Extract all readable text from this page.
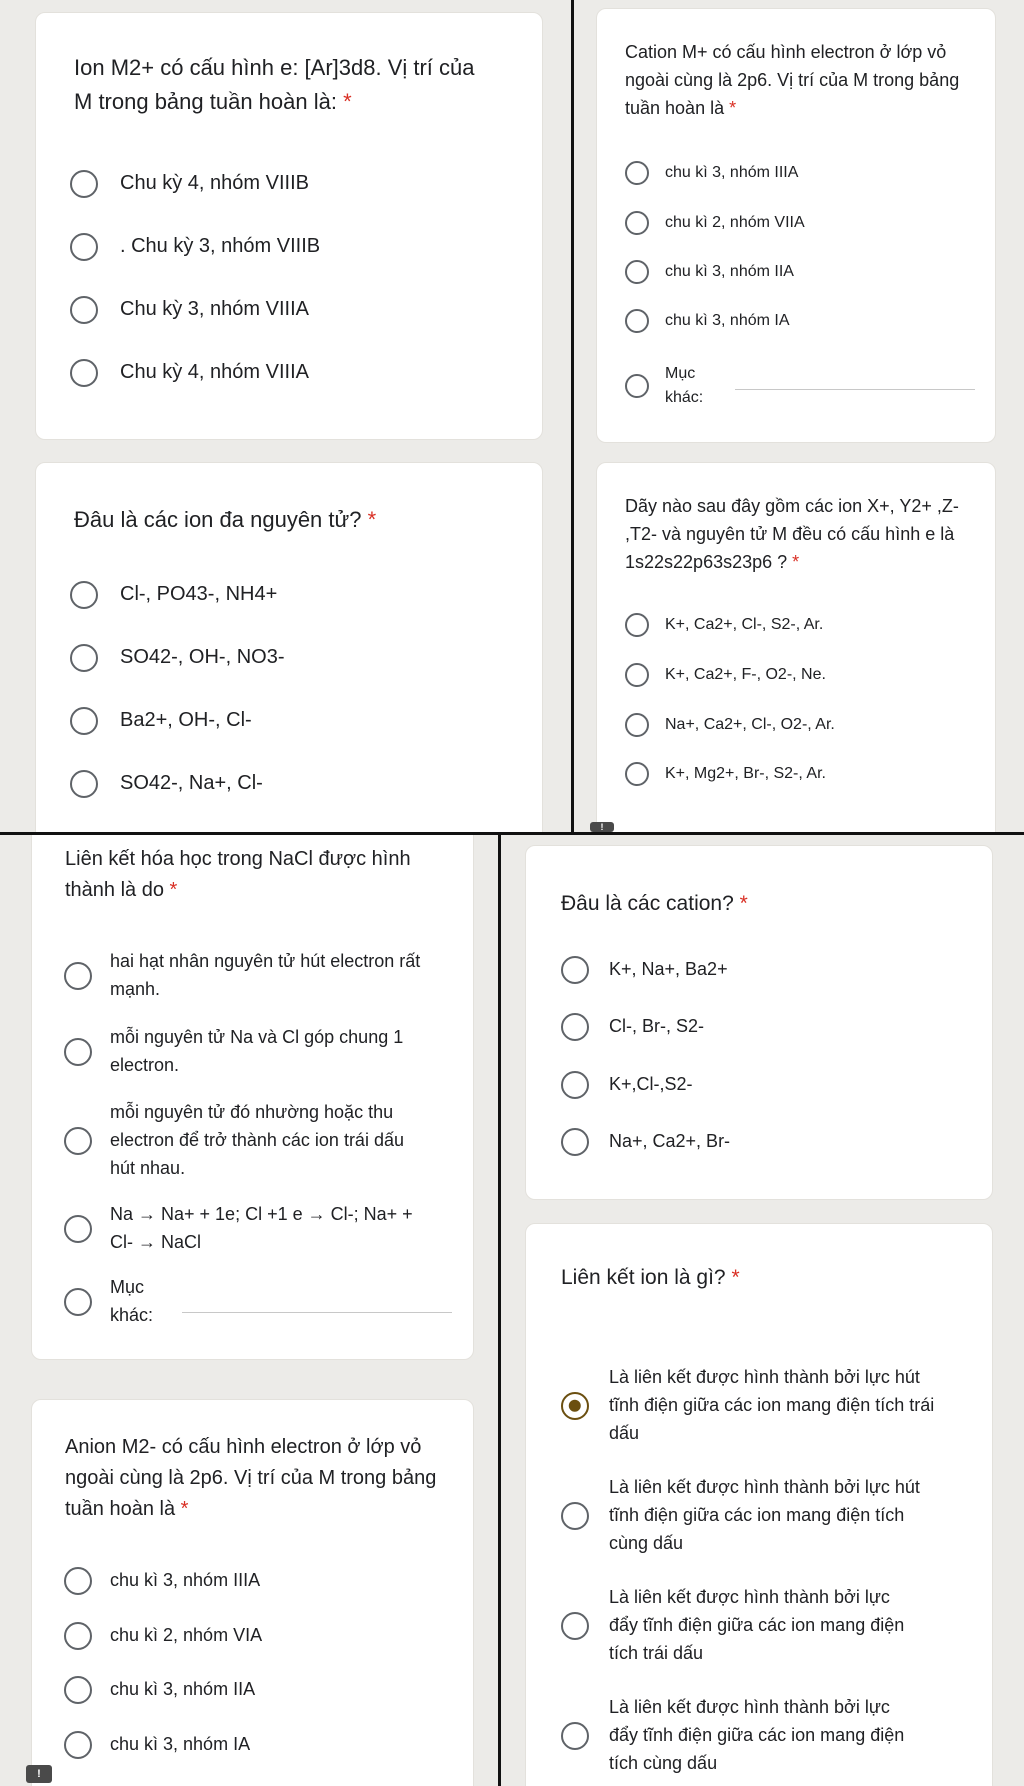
Ion M2+ có cấu hình e: [Ar]3d8. Vị trí của M trong bảng tuần hoàn là: *

Chu kỳ 4, nhóm VIIIB
. Chu kỳ 3, nhóm VIIIB
Chu kỳ 3, nhóm VIIIA
Chu kỳ 4, nhóm VIIIA

Đâu là các ion đa nguyên tử? *

Cl-, PO43-, NH4+
SO42-, OH-, NO3-
Ba2+, OH-, Cl-
SO42-, Na+, Cl-

Cation M+ có cấu hình electron ở lớp vỏ ngoài cùng là 2p6. Vị trí của M trong bảng tuần hoàn là *

chu kì 3, nhóm IIIA
chu kì 2, nhóm VIIA
chu kì 3, nhóm IIA
chu kì 3, nhóm IA
Mục
khác:

Dãy nào sau đây gồm các ion X+, Y2+ ,Z- ,T2- và nguyên tử M đều có cấu hình e là 1s22s22p63s23p6 ? *

K+, Ca2+, Cl-, S2-, Ar.
K+, Ca2+, F-, O2-, Ne.
Na+, Ca2+, Cl-, O2-, Ar.
K+, Mg2+, Br-, S2-, Ar.
!

Liên kết hóa học trong NaCl được hình thành là do *

hai hạt nhân nguyên tử hút electron rất mạnh.
mỗi nguyên tử Na và Cl góp chung 1 electron.
mỗi nguyên tử đó nhường hoặc thu electron để trở thành các ion trái dấu hút nhau.
Na → Na+ + 1e; Cl +1 e → Cl-; Na+ + Cl- → NaCl
Mục
khác:

Anion M2- có cấu hình electron ở lớp vỏ ngoài cùng là 2p6. Vị trí của M trong bảng tuần hoàn là *

chu kì 3, nhóm IIIA
chu kì 2, nhóm VIA
chu kì 3, nhóm IIA
chu kì 3, nhóm IA
!

Đâu là các cation? *

K+, Na+, Ba2+
Cl-, Br-, S2-
K+,Cl-,S2-
Na+, Ca2+, Br-

Liên kết ion là gì? *

Là liên kết được hình thành bởi lực hút tĩnh điện giữa các ion mang điện tích trái dấu
Là liên kết được hình thành bởi lực hút tĩnh điện giữa các ion mang điện tích cùng dấu
Là liên kết được hình thành bởi lực đẩy tĩnh điện giữa các ion mang điện tích trái dấu
Là liên kết được hình thành bởi lực đẩy tĩnh điện giữa các ion mang điện tích cùng dấu
